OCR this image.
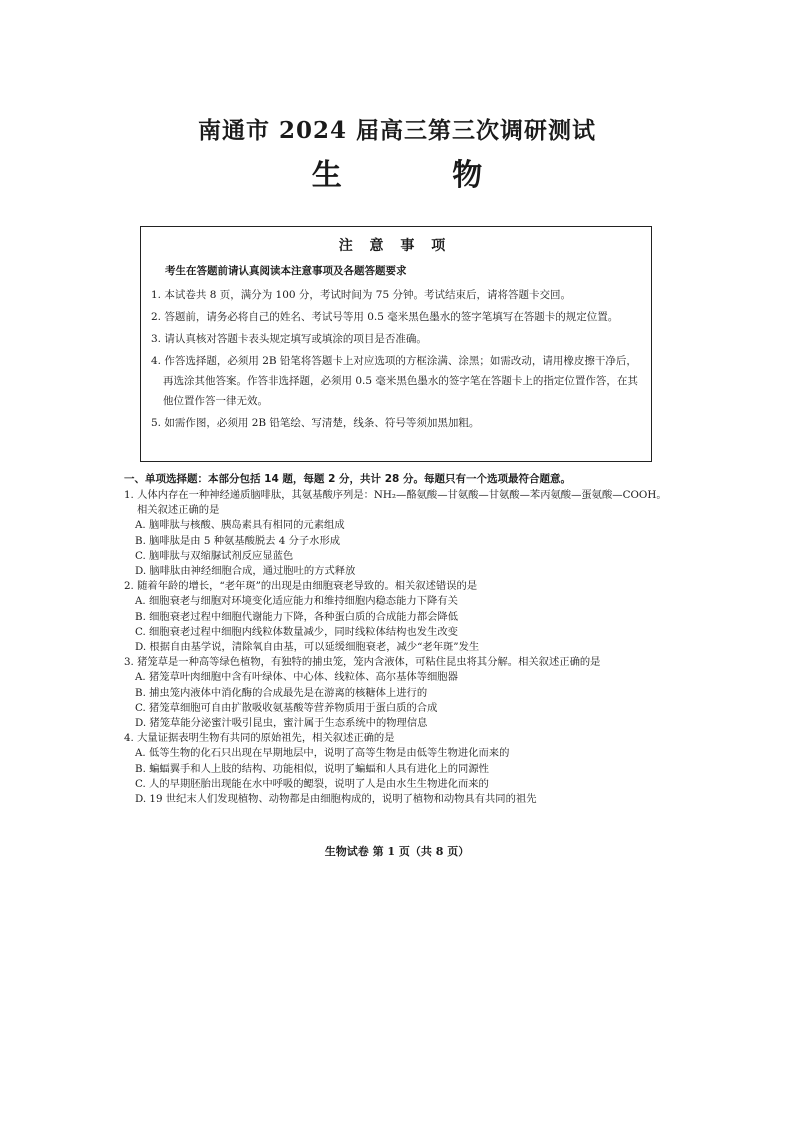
南通市 2024 届高三第三次调研测试
生 物
注 意 事 项
考生在答题前请认真阅读本注意事项及各题答题要求
1. 本试卷共 8 页，满分为 100 分，考试时间为 75 分钟。考试结束后，请将答题卡交回。
2. 答题前，请务必将自己的姓名、考试号等用 0.5 毫米黑色墨水的签字笔填写在答题卡的规定位置。
3. 请认真核对答题卡表头规定填写或填涂的项目是否准确。
4. 作答选择题，必须用 2B 铅笔将答题卡上对应选项的方框涂满、涂黑；如需改动，请用橡皮擦干净后，再选涂其他答案。作答非选择题，必须用 0.5 毫米黑色墨水的签字笔在答题卡上的指定位置作答，在其他位置作答一律无效。
5. 如需作图，必须用 2B 铅笔绘、写清楚，线条、符号等须加黑加粗。
一、单项选择题：本部分包括 14 题，每题 2 分，共计 28 分。每题只有一个选项最符合题意。

1. 人体内存在一种神经递质脑啡肽，其氨基酸序列是：NH₂—酪氨酸—甘氨酸—甘氨酸—苯丙氨酸—蛋氨酸—COOH。相关叙述正确的是

A. 脑啡肽与核酸、胰岛素具有相同的元素组成

B. 脑啡肽是由 5 种氨基酸脱去 4 分子水形成

C. 脑啡肽与双缩脲试剂反应显蓝色

D. 脑啡肽由神经细胞合成，通过胞吐的方式释放

2. 随着年龄的增长，“老年斑”的出现是由细胞衰老导致的。相关叙述错误的是

A. 细胞衰老与细胞对环境变化适应能力和维持细胞内稳态能力下降有关

B. 细胞衰老过程中细胞代谢能力下降，各种蛋白质的合成能力都会降低

C. 细胞衰老过程中细胞内线粒体数量减少，同时线粒体结构也发生改变

D. 根据自由基学说，清除氧自由基，可以延缓细胞衰老，减少“老年斑”发生

3. 猪笼草是一种高等绿色植物，有独特的捕虫笼，笼内含液体，可粘住昆虫将其分解。相关叙述正确的是

A. 猪笼草叶肉细胞中含有叶绿体、中心体、线粒体、高尔基体等细胞器

B. 捕虫笼内液体中消化酶的合成最先是在游离的核糖体上进行的

C. 猪笼草细胞可自由扩散吸收氨基酸等营养物质用于蛋白质的合成

D. 猪笼草能分泌蜜汁吸引昆虫，蜜汁属于生态系统中的物理信息

4. 大量证据表明生物有共同的原始祖先，相关叙述正确的是

A. 低等生物的化石只出现在早期地层中，说明了高等生物是由低等生物进化而来的

B. 蝙蝠翼手和人上肢的结构、功能相似，说明了蝙蝠和人具有进化上的同源性

C. 人的早期胚胎出现能在水中呼吸的鳃裂，说明了人是由水生生物进化而来的

D. 19 世纪末人们发现植物、动物都是由细胞构成的，说明了植物和动物具有共同的祖先

生物试卷 第 1 页（共 8 页）
